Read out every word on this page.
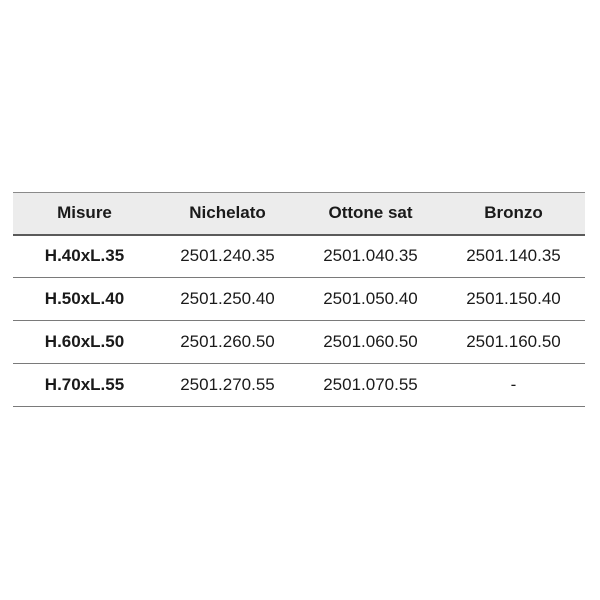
Misure	Nichelato	Ottone sat	Bronzo
H.40xL.35	2501.240.35	2501.040.35	2501.140.35
H.50xL.40	2501.250.40	2501.050.40	2501.150.40
H.60xL.50	2501.260.50	2501.060.50	2501.160.50
H.70xL.55	2501.270.55	2501.070.55	-
